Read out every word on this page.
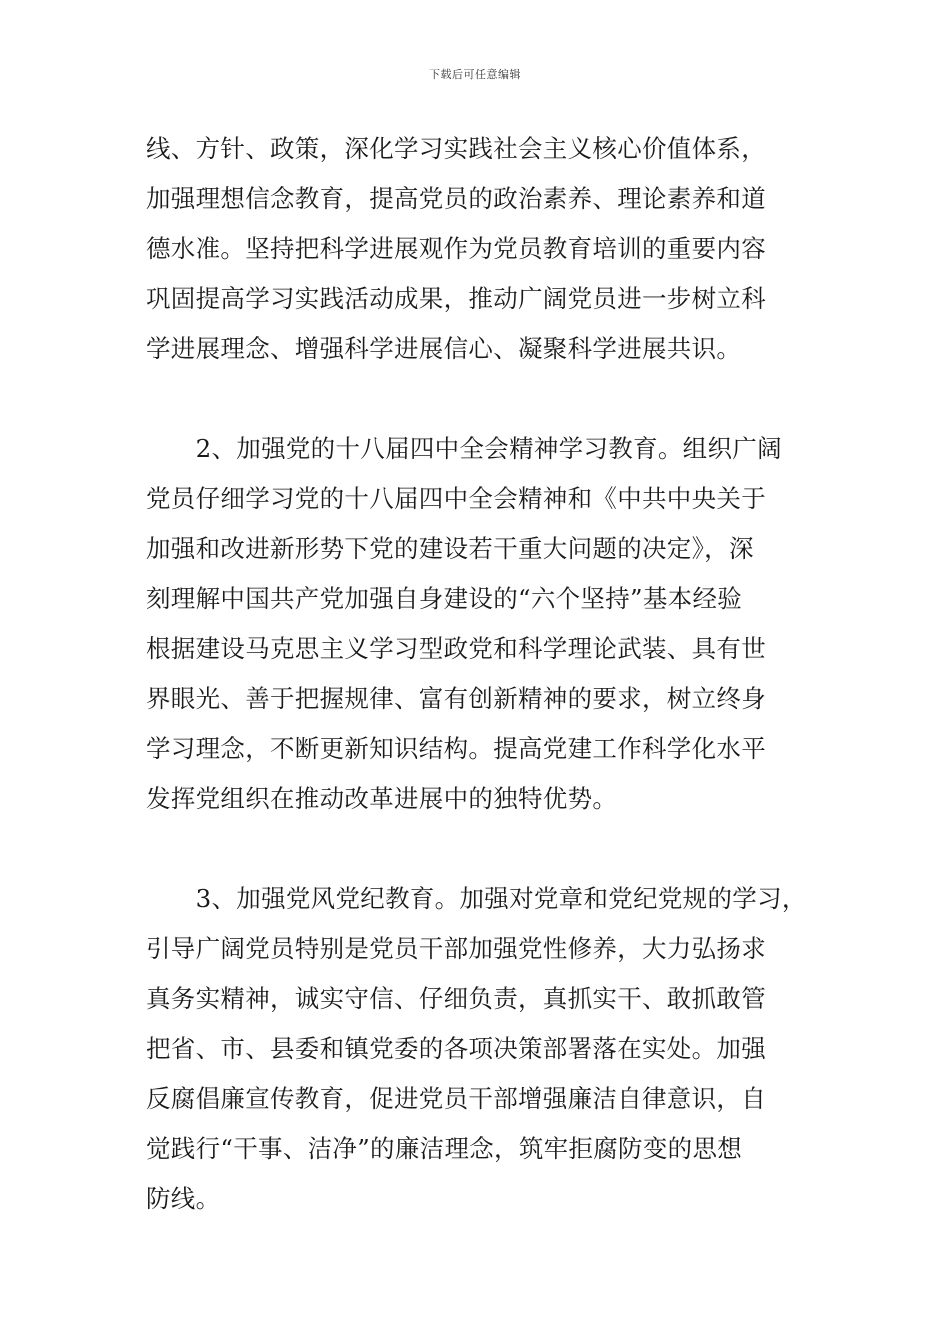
下载后可任意编辑
线、方针、政策，深化学习实践社会主义核心价值体系，
加强理想信念教育，提高党员的政治素养、理论素养和道
德水准。坚持把科学进展观作为党员教育培训的重要内容
巩固提高学习实践活动成果，推动广阔党员进一步树立科
学进展理念、增强科学进展信心、凝聚科学进展共识。
　　2、加强党的十八届四中全会精神学习教育。组织广阔
党员仔细学习党的十八届四中全会精神和《中共中央关于
加强和改进新形势下党的建设若干重大问题的决定》，深
刻理解中国共产党加强自身建设的“六个坚持”基本经验
根据建设马克思主义学习型政党和科学理论武装、具有世
界眼光、善于把握规律、富有创新精神的要求，树立终身
学习理念，不断更新知识结构。提高党建工作科学化水平
发挥党组织在推动改革进展中的独特优势。
　　3、加强党风党纪教育。加强对党章和党纪党规的学习，
引导广阔党员特别是党员干部加强党性修养，大力弘扬求
真务实精神，诚实守信、仔细负责，真抓实干、敢抓敢管
把省、市、县委和镇党委的各项决策部署落在实处。加强
反腐倡廉宣传教育，促进党员干部增强廉洁自律意识，自
觉践行“干事、洁净”的廉洁理念，筑牢拒腐防变的思想
防线。
